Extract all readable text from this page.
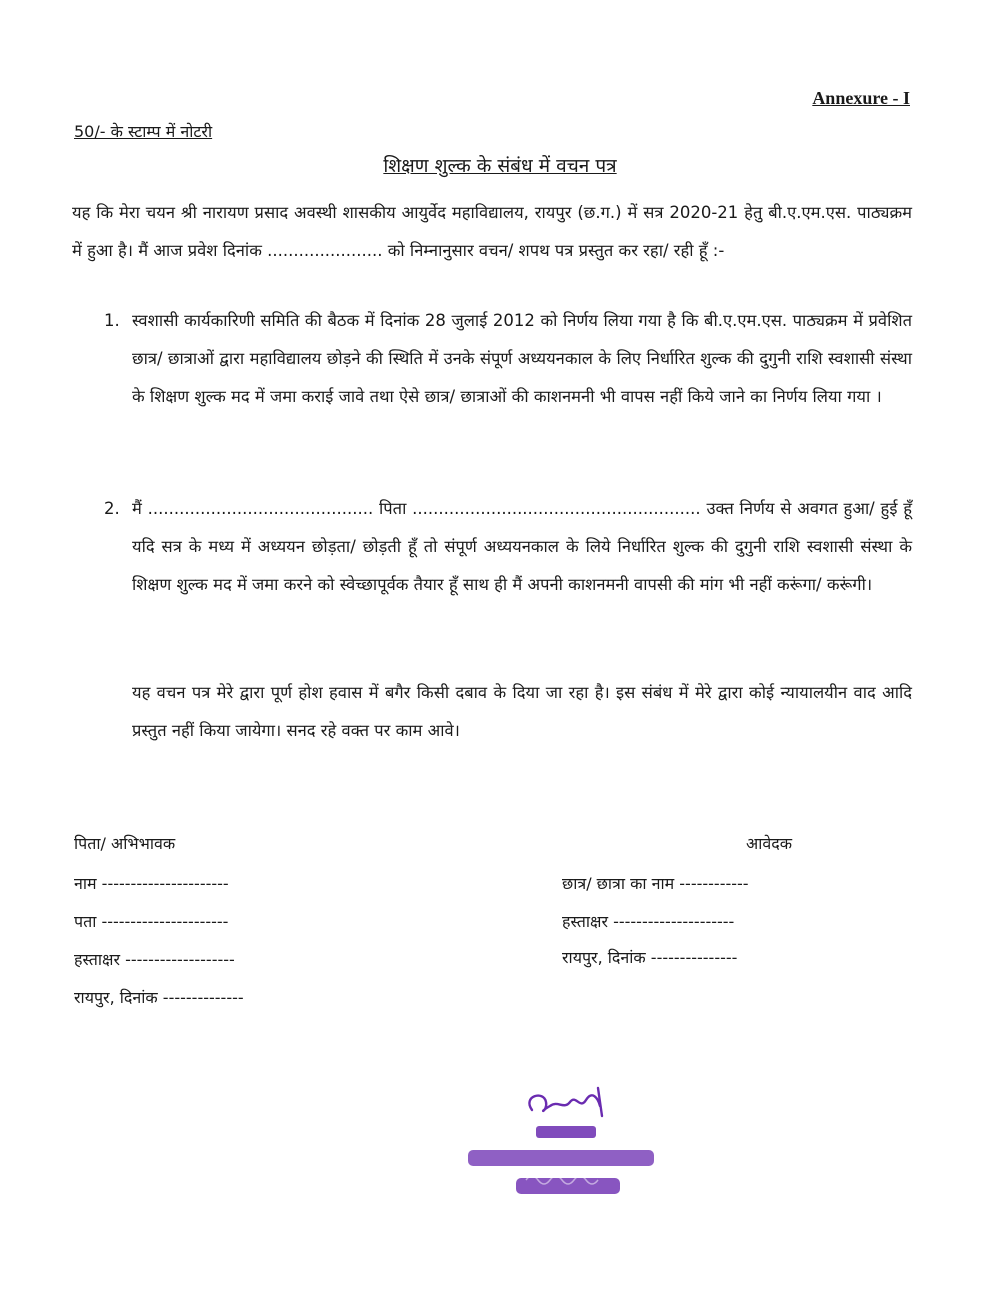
Annexure - I
50/- के स्टाम्प में नोटरी
शिक्षण शुल्क के संबंध में वचन पत्र
यह कि मेरा चयन श्री नारायण प्रसाद अवस्थी शासकीय आयुर्वेद महाविद्यालय, रायपुर (छ.ग.) में सत्र 2020-21 हेतु बी.ए.एम.एस. पाठ्यक्रम में हुआ है। मैं आज प्रवेश दिनांक ...................... को निम्नानुसार वचन/ शपथ पत्र प्रस्तुत कर रहा/ रही हूँ :-
1. स्वशासी कार्यकारिणी समिति की बैठक में दिनांक 28 जुलाई 2012 को निर्णय लिया गया है कि बी.ए.एम.एस. पाठ्यक्रम में प्रवेशित छात्र/ छात्राओं द्वारा महाविद्यालय छोड़ने की स्थिति में उनके संपूर्ण अध्ययनकाल के लिए निर्धारित शुल्क की दुगुनी राशि स्वशासी संस्था के शिक्षण शुल्क मद में जमा कराई जावे तथा ऐसे छात्र/ छात्राओं की काशनमनी भी वापस नहीं किये जाने का निर्णय लिया गया ।
2. मैं ........................................... पिता ....................................................... उक्त निर्णय से अवगत हुआ/ हुई हूँ यदि सत्र के मध्य में अध्ययन छोड़ता/ छोड़ती हूँ तो संपूर्ण अध्ययनकाल के लिये निर्धारित शुल्क की दुगुनी राशि स्वशासी संस्था के शिक्षण शुल्क मद में जमा करने को स्वेच्छापूर्वक तैयार हूँ साथ ही मैं अपनी काशनमनी वापसी की मांग भी नहीं करूंगा/ करूंगी।
यह वचन पत्र मेरे द्वारा पूर्ण होश हवास में बगैर किसी दबाव के दिया जा रहा है। इस संबंध में मेरे द्वारा कोई न्यायालयीन वाद आदि प्रस्तुत नहीं किया जायेगा। सनद रहे वक्त पर काम आवे।
पिता/ अभिभावक
नाम ----------------------
पता ----------------------
हस्ताक्षर -------------------
रायपुर, दिनांक --------------
आवेदक
छात्र/ छात्रा का नाम ------------
हस्ताक्षर ---------------------
रायपुर, दिनांक ---------------
